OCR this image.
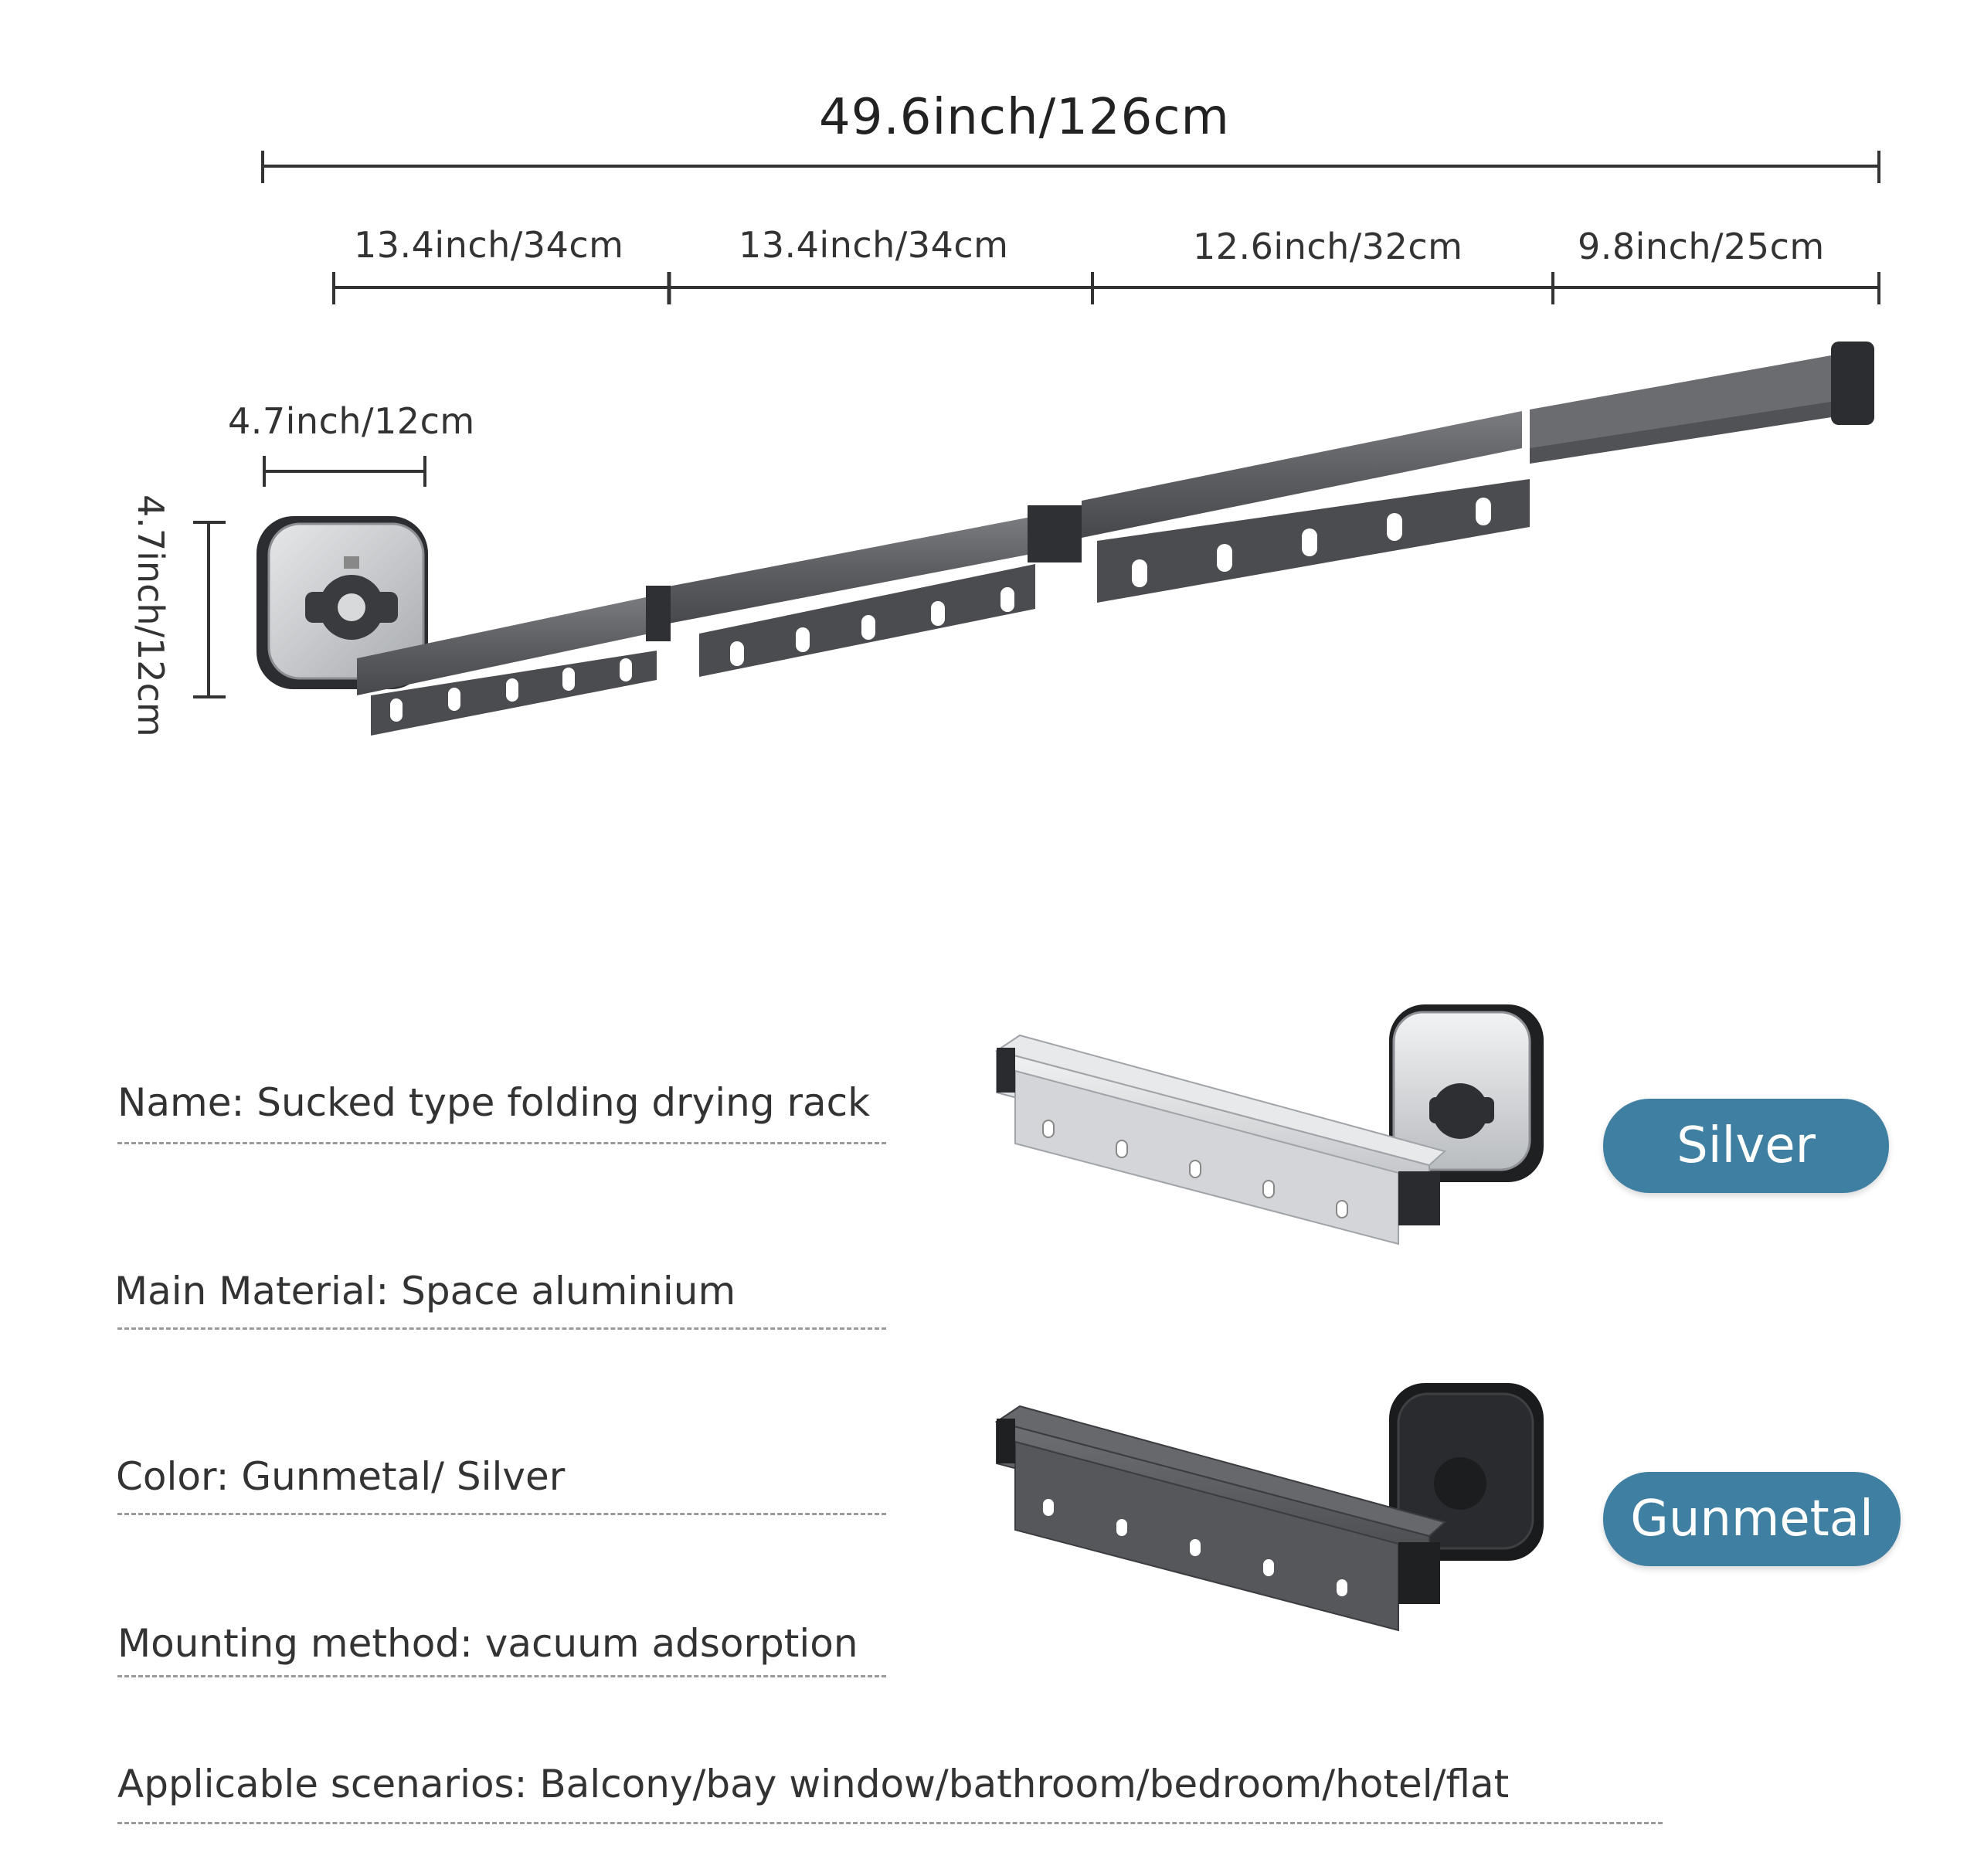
49.6inch/126cm
13.4inch/34cm	13.4inch/34cm	12.6inch/32cm	9.8inch/25cm
4.7inch/12cm
4.7inch/12cm
Name: Sucked type folding drying rack
Main Material: Space aluminium
Color: Gunmetal/ Silver
Mounting method: vacuum adsorption
Applicable scenarios: Balcony/bay window/bathroom/bedroom/hotel/flat
Silver
Gunmetal
